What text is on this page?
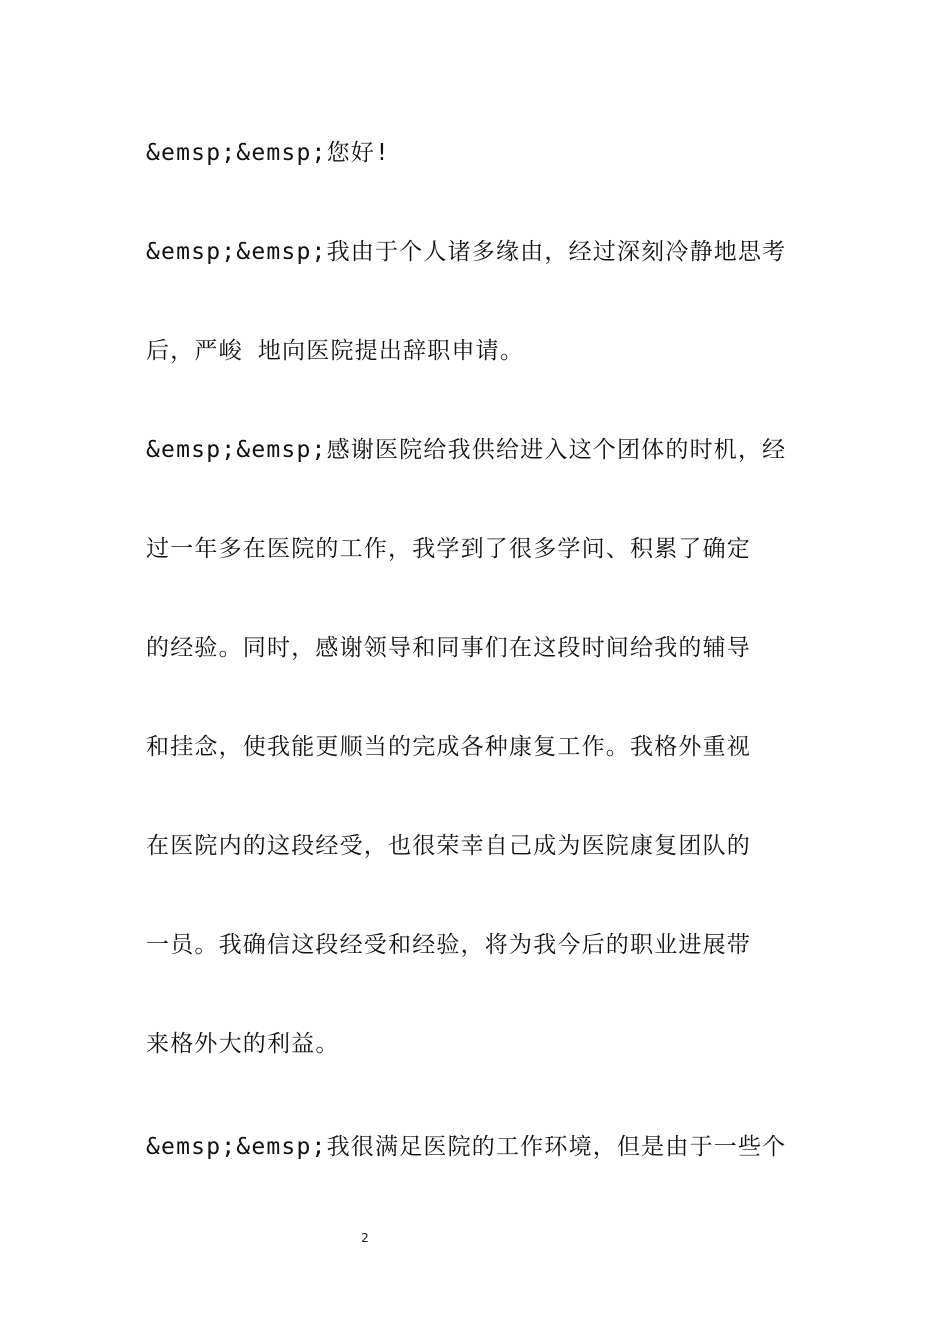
&emsp;&emsp;您好!
&emsp;&emsp;我由于个人诸多缘由，经过深刻冷静地思考
后，严峻 地向医院提出辞职申请。
&emsp;&emsp;感谢医院给我供给进入这个团体的时机，经
过一年多在医院的工作，我学到了很多学问、积累了确定
的经验。同时，感谢领导和同事们在这段时间给我的辅导
和挂念，使我能更顺当的完成各种康复工作。我格外重视
在医院内的这段经受，也很荣幸自己成为医院康复团队的
一员。我确信这段经受和经验，将为我今后的职业进展带
来格外大的利益。
&emsp;&emsp;我很满足医院的工作环境，但是由于一些个
2
